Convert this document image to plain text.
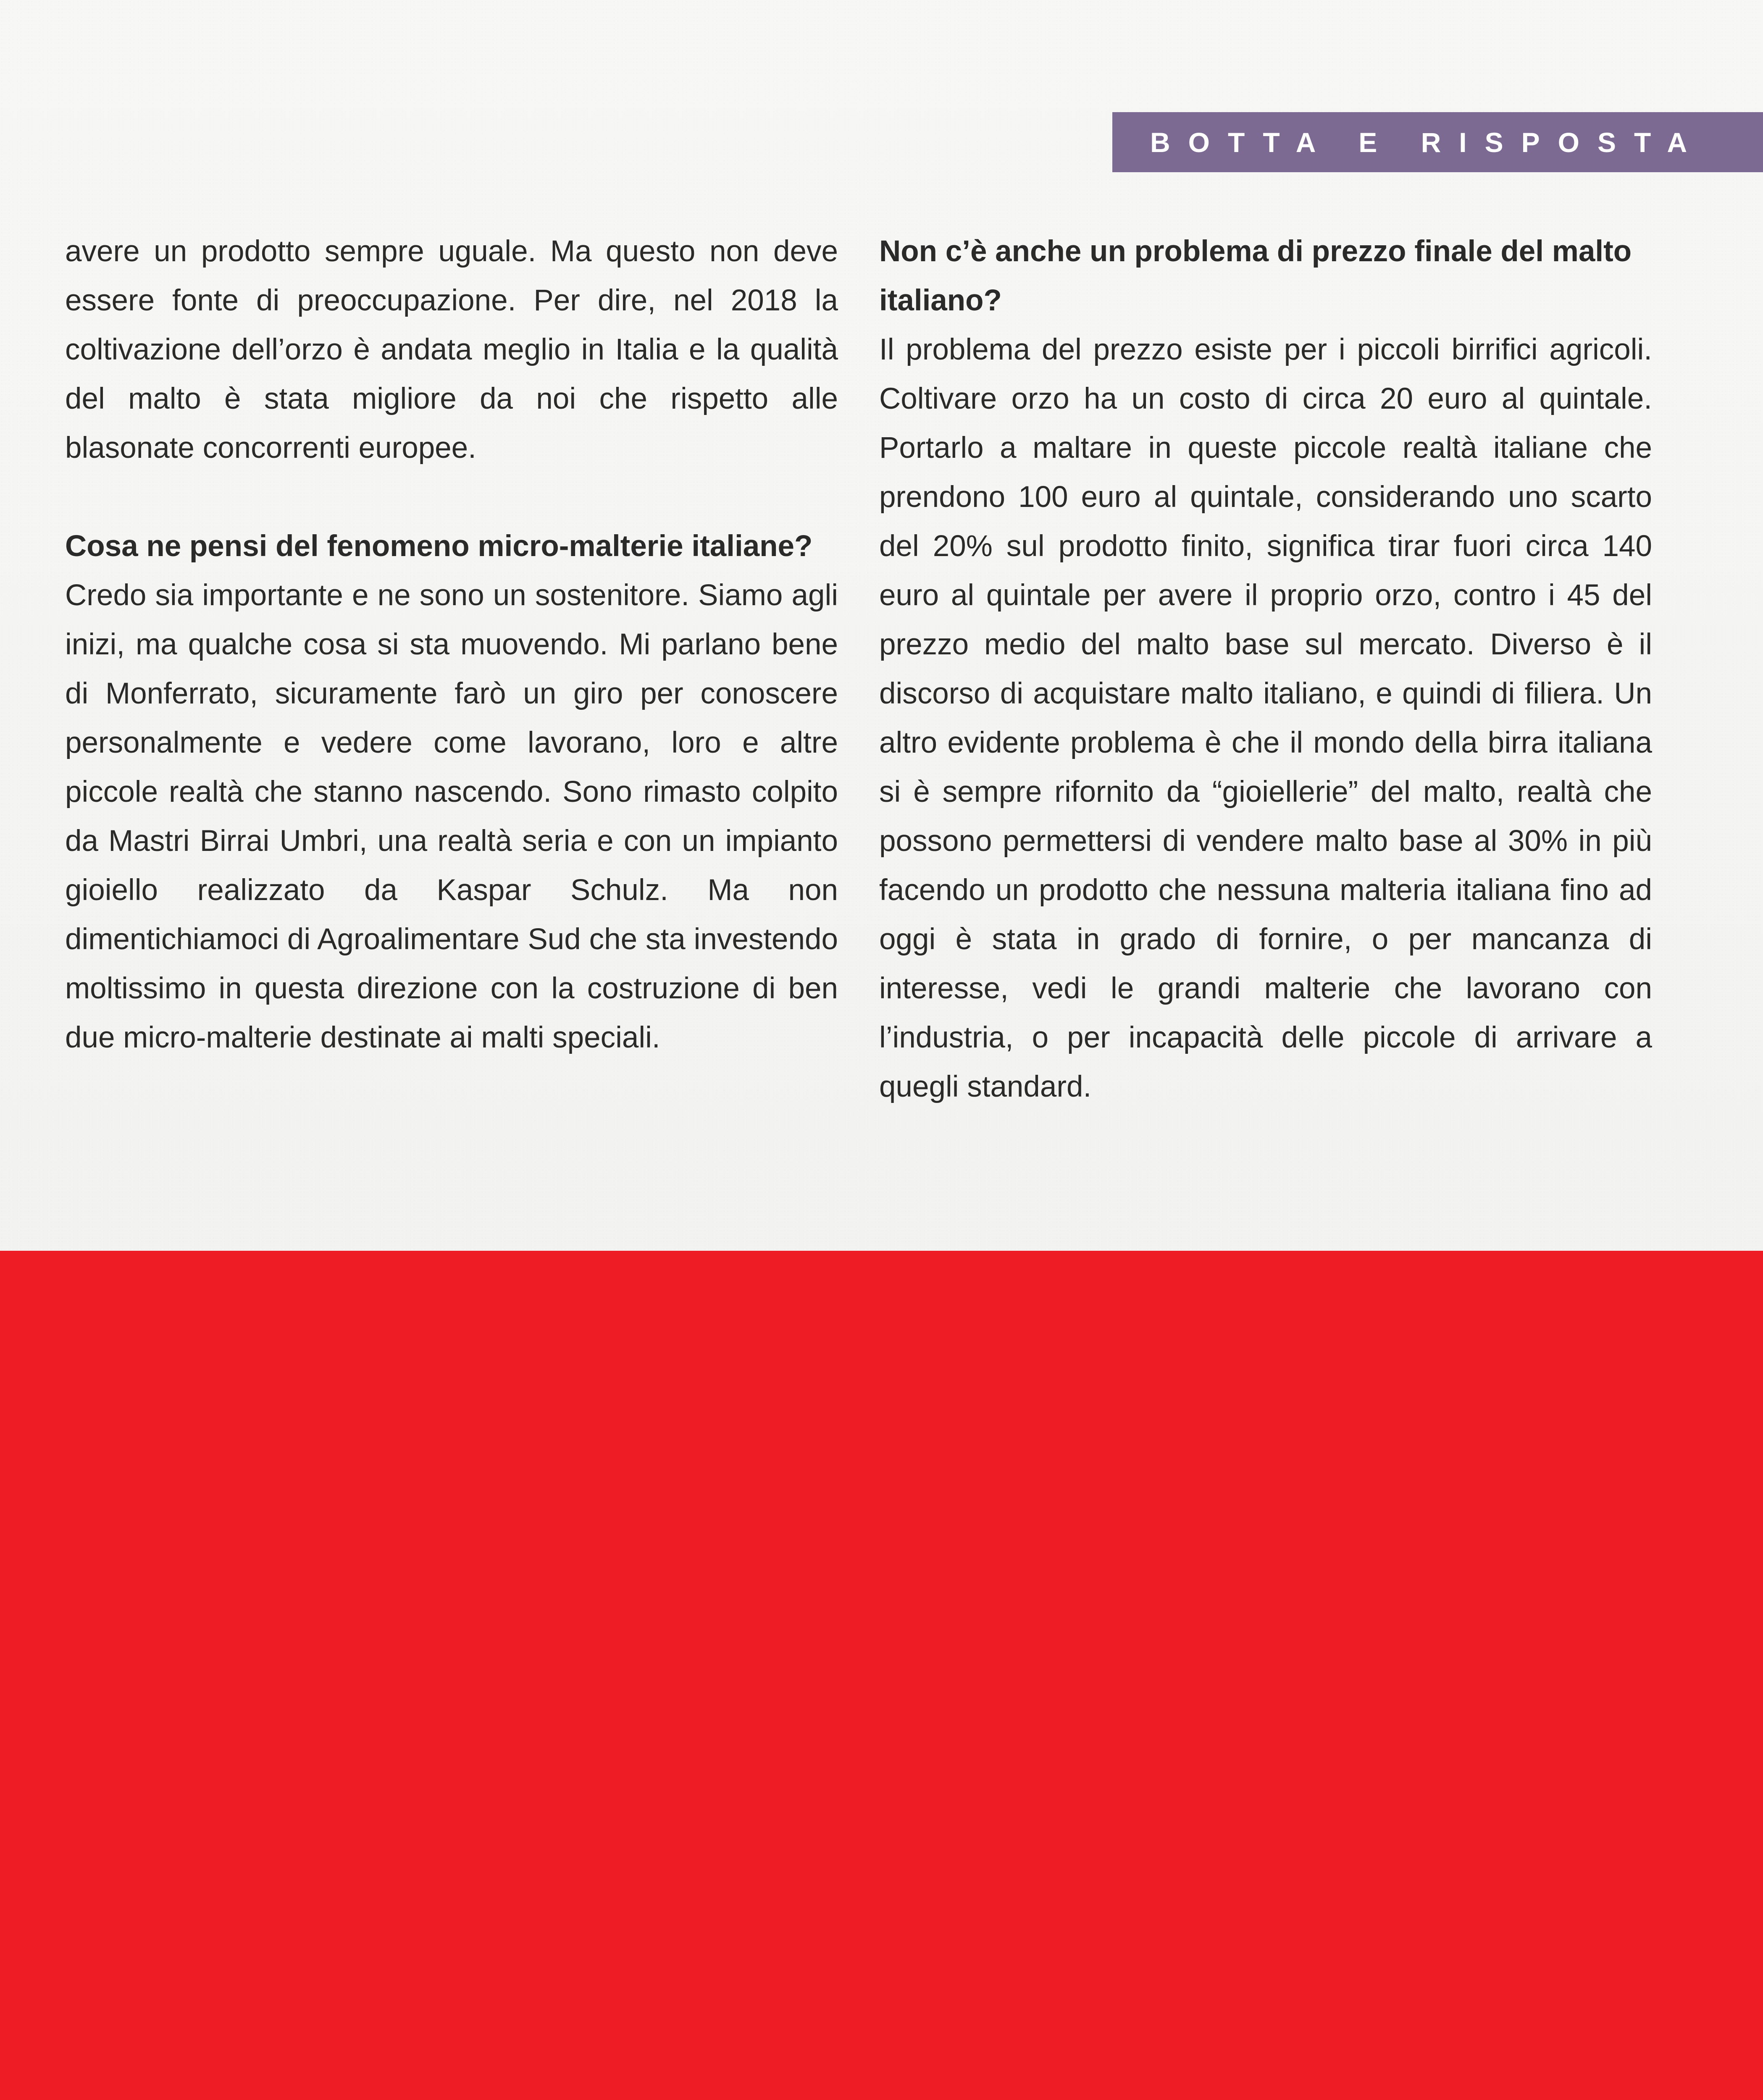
BOTTA E RISPOSTA

avere un prodotto sempre uguale. Ma questo non deve essere fonte di preoccupazione. Per dire, nel 2018 la coltivazione dell’orzo è andata meglio in Italia e la qualità del malto è stata migliore da noi che rispetto alle blasonate concorrenti europee.

Cosa ne pensi del fenomeno micro-malterie italiane?

Credo sia importante e ne sono un sostenitore. Siamo agli inizi, ma qualche cosa si sta muovendo. Mi parlano bene di Monferrato, sicuramente farò un giro per conoscere personalmente e vedere come lavorano, loro e altre piccole realtà che stanno nascendo. Sono rimasto colpito da Mastri Birrai Umbri, una realtà seria e con un impianto gioiello realizzato da Kaspar Schulz. Ma non dimentichiamoci di Agroalimentare Sud che sta investendo moltissimo in questa direzione con la costruzione di ben due micro-malterie destinate ai malti speciali.

Non c’è anche un problema di prezzo finale del malto italiano?

Il problema del prezzo esiste per i piccoli birrifici agricoli. Coltivare orzo ha un costo di circa 20 euro al quintale. Portarlo a maltare in queste piccole realtà italiane che prendono 100 euro al quintale, considerando uno scarto del 20% sul prodotto finito, significa tirar fuori circa 140 euro al quintale per avere il proprio orzo, contro i 45 del prezzo medio del malto base sul mercato. Diverso è il discorso di acquistare malto italiano, e quindi di filiera. Un altro evidente problema è che il mondo della birra italiana si è sempre rifornito da “gioiellerie” del malto, realtà che possono permettersi di vendere malto base al 30% in più facendo un prodotto che nessuna malteria italiana fino ad oggi è stata in grado di fornire, o per mancanza di interesse, vedi le grandi malterie che lavorano con l’industria, o per incapacità delle piccole di arrivare a quegli standard.
